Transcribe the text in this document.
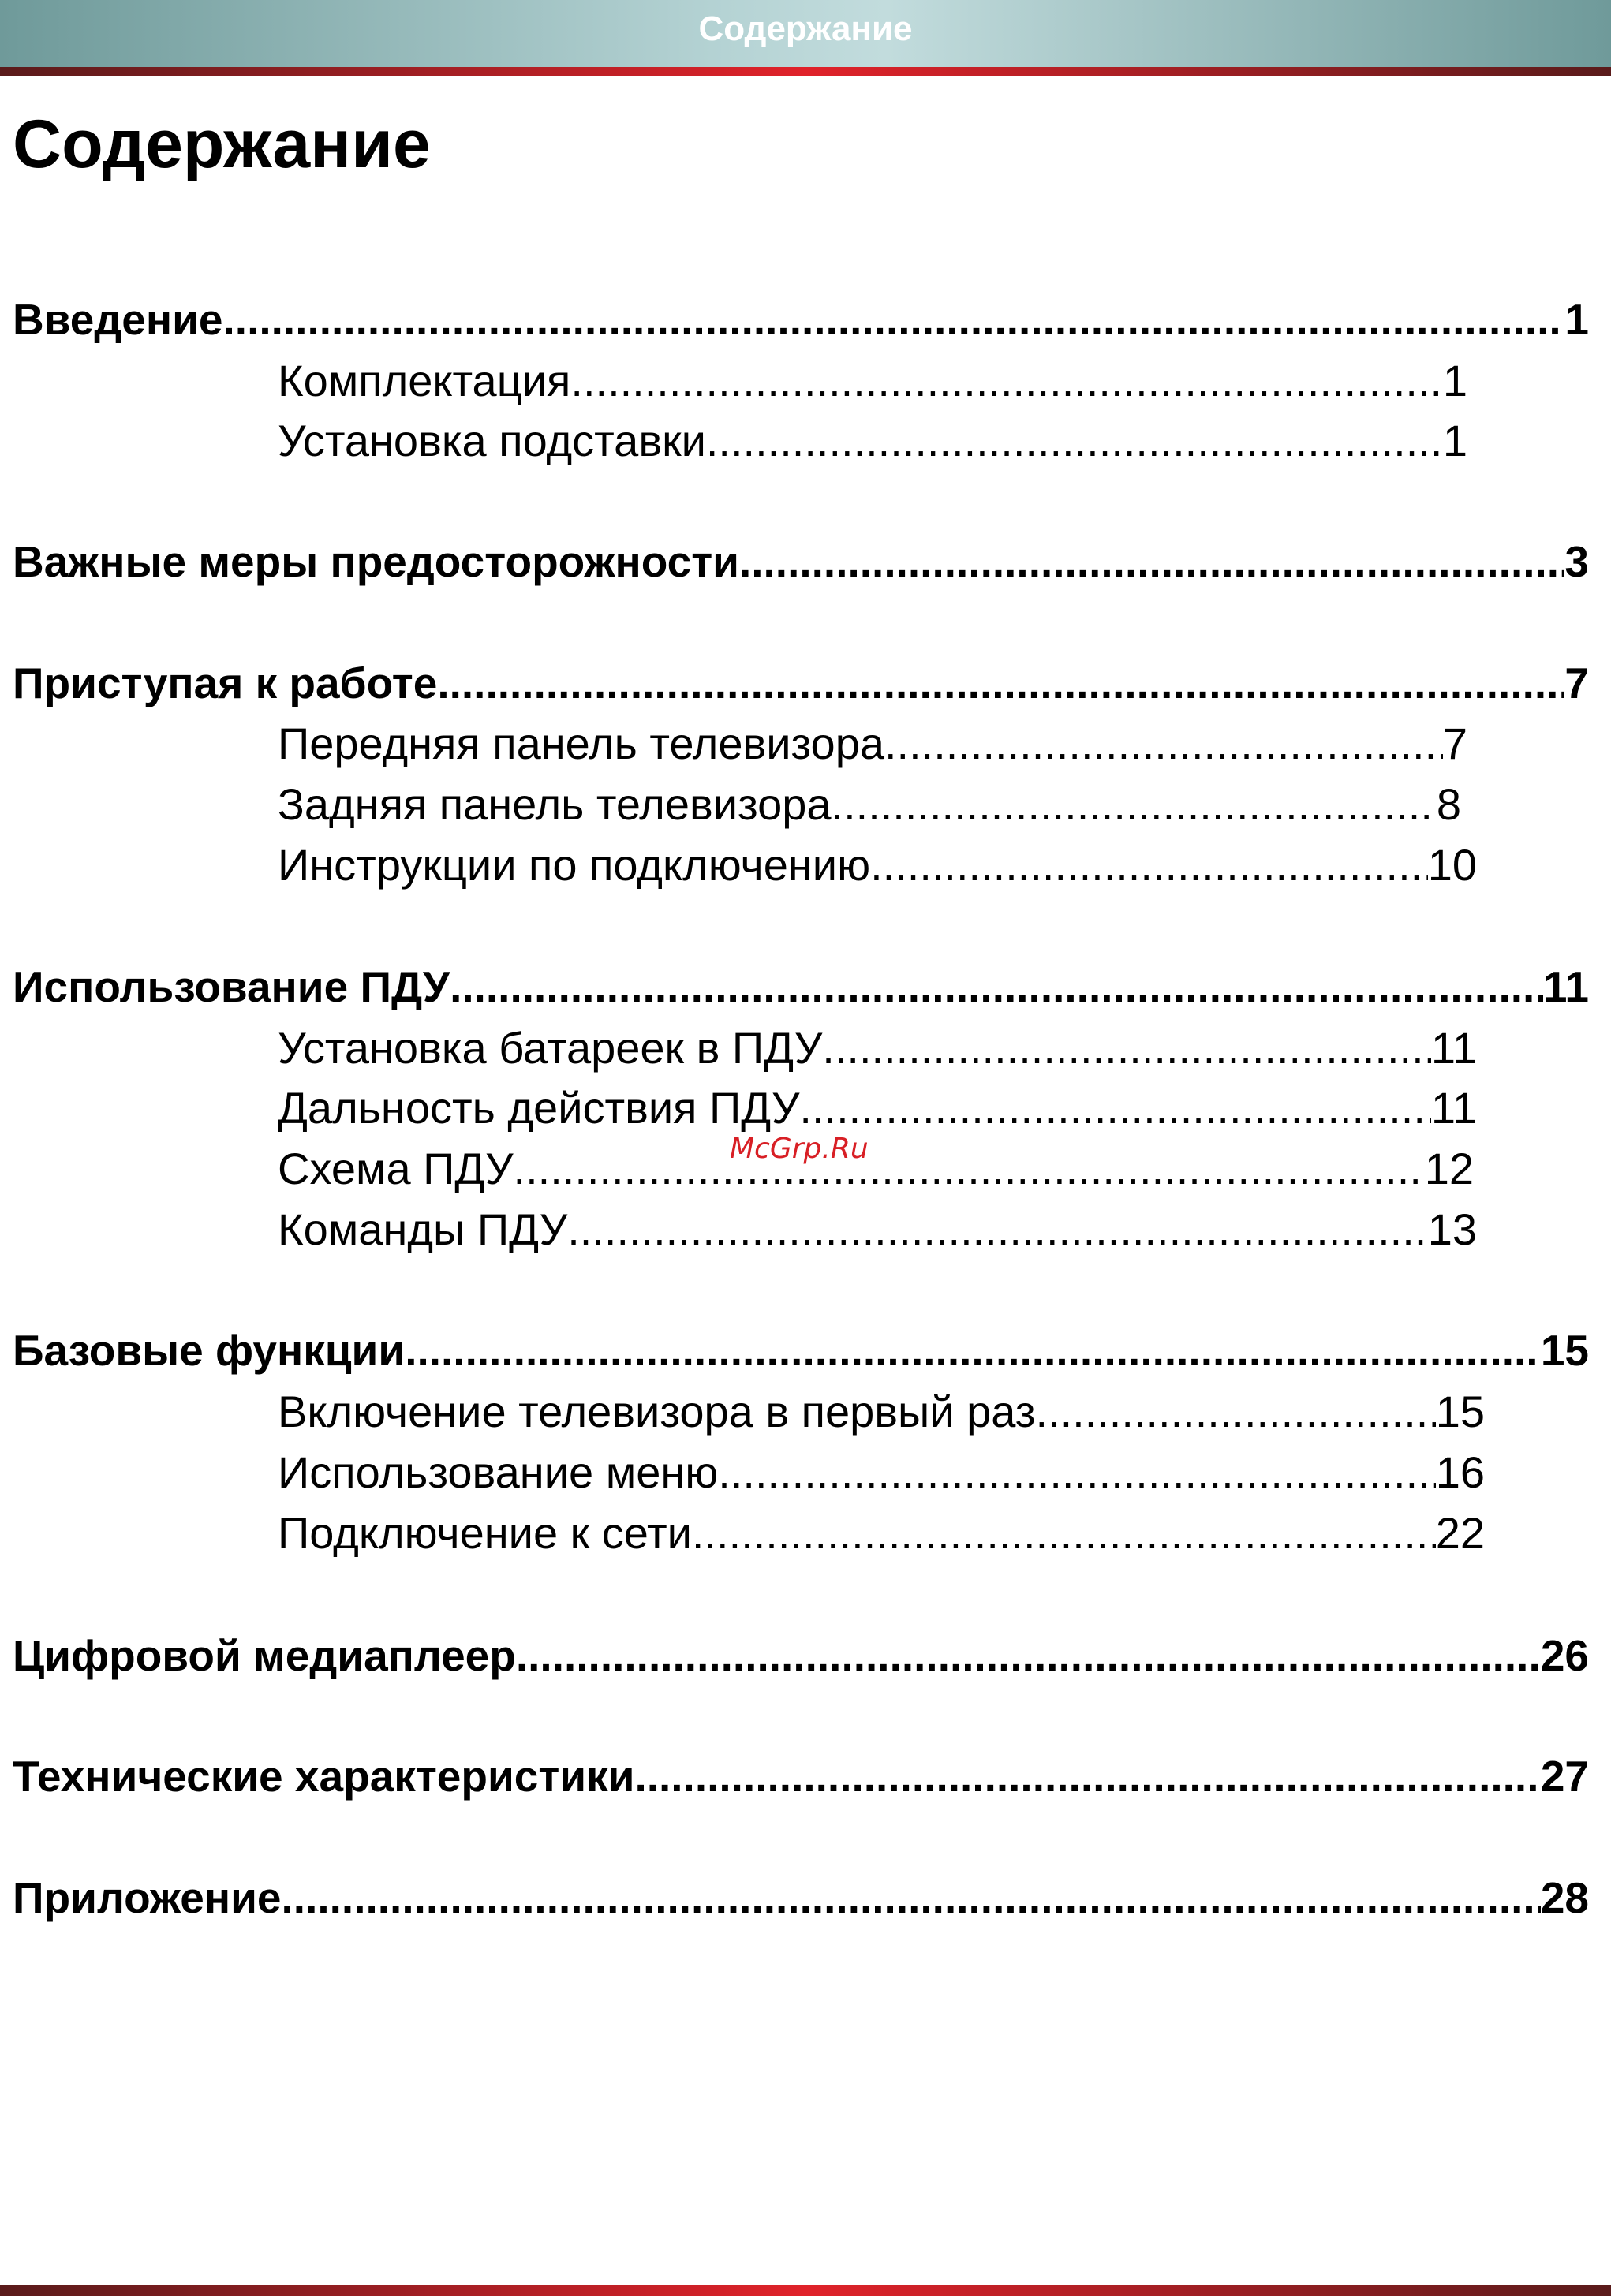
Содержание
Содержание
Введение .....	1
Комплектация .....	1
Установка подставки .....	1
Важные меры предосторожности .....	3
Приступая к работе .....	7
Передняя панель телевизора .....	7
Задняя панель телевизора .....	8
Инструкции по подключению .....	10
Использование ПДУ .....	11
Установка батареек в ПДУ .....	11
Дальность действия ПДУ .....	11
Схема ПДУ .....	12
Команды ПДУ .....	13
Базовые функции .....	15
Включение телевизора в первый раз .....	15
Использование меню .....	16
Подключение к сети .....	22
Цифровой медиаплеер .....	26
Технические характеристики .....	27
Приложение .....	28
McGrp.Ru
